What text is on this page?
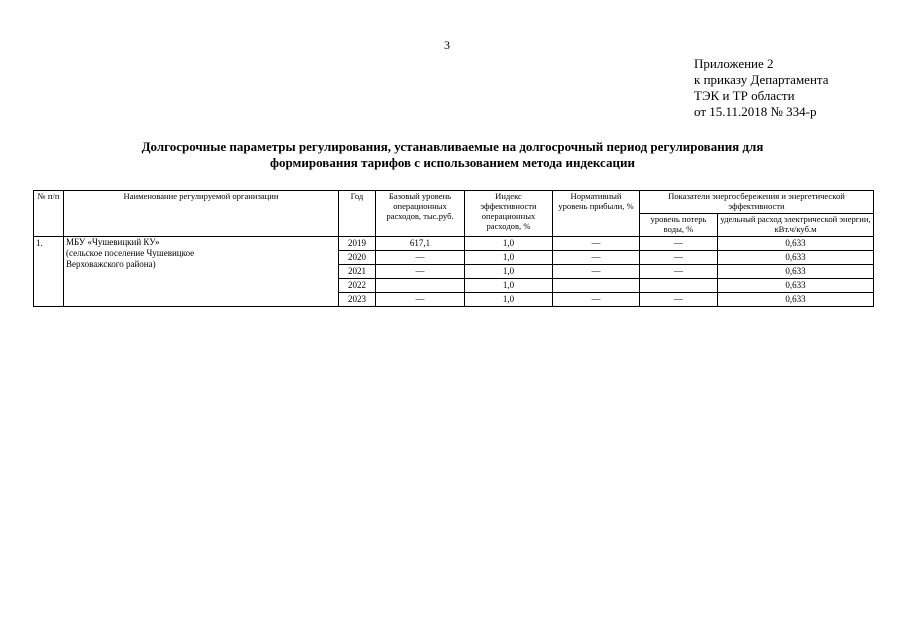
3
Приложение 2
к приказу Департамента
ТЭК и ТР области
от 15.11.2018 № 334-р
Долгосрочные параметры регулирования, устанавливаемые на долгосрочный период регулирования для
формирования тарифов с использованием метода индексации
№ п/п	Наименование регулируемой организации	Год	Базовый уровень операционных расходов, тыс.руб.	Индекс эффективности операционных расходов, %	Нормативный уровень прибыли, %	Показатели энергосбережения и энергетической эффективности	
						уровень потерь воды, %	удельный расход электрической энергии, кВт.ч/куб.м
1.	МБУ «Чушевицкий КУ»
(сельское поселение Чушевицкое
Верховажского района)	2019	617,1	1,0	—	—	0,633
		2020	—	1,0	—	—	0,633
		2021	—	1,0	—	—	0,633
		2022		1,0			0,633
		2023	—	1,0	—	—	0,633
